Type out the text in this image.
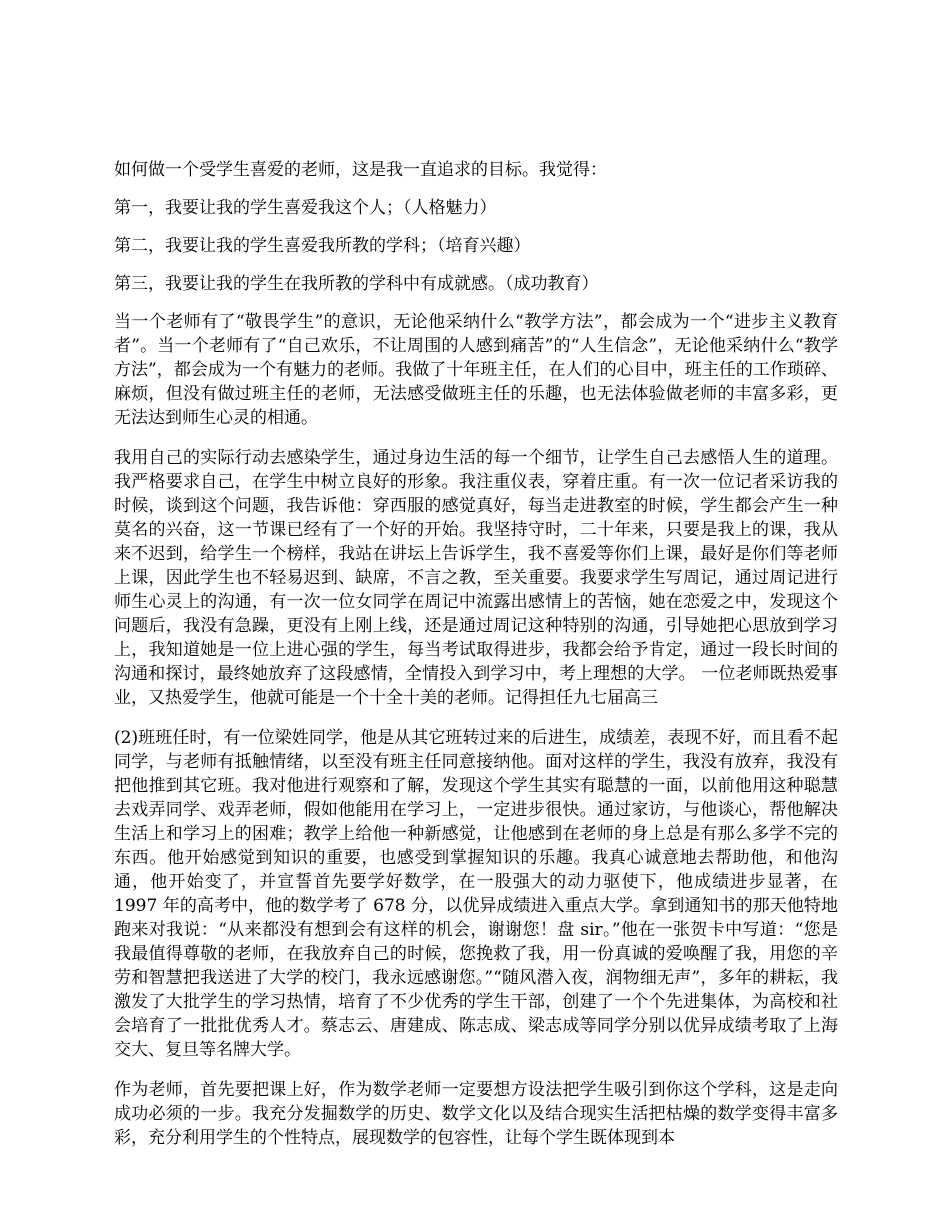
如何做一个受学生喜爱的老师，这是我一直追求的目标。我觉得：

第一，我要让我的学生喜爱我这个人；（人格魅力）

第二，我要让我的学生喜爱我所教的学科；（培育兴趣）

第三，我要让我的学生在我所教的学科中有成就感。（成功教育）

当一个老师有了“敬畏学生”的意识，无论他采纳什么“教学方法”，都会成为一个“进步主义教育者”。当一个老师有了“自己欢乐，不让周围的人感到痛苦”的“人生信念”，无论他采纳什么“教学方法”，都会成为一个有魅力的老师。我做了十年班主任，在人们的心目中，班主任的工作琐碎、麻烦，但没有做过班主任的老师，无法感受做班主任的乐趣，也无法体验做老师的丰富多彩，更无法达到师生心灵的相通。

我用自己的实际行动去感染学生，通过身边生活的每一个细节，让学生自己去感悟人生的道理。我严格要求自己，在学生中树立良好的形象。我注重仪表，穿着庄重。有一次一位记者采访我的时候，谈到这个问题，我告诉他：穿西服的感觉真好，每当走进教室的时候，学生都会产生一种莫名的兴奋，这一节课已经有了一个好的开始。我坚持守时，二十年来，只要是我上的课，我从来不迟到，给学生一个榜样，我站在讲坛上告诉学生，我不喜爱等你们上课，最好是你们等老师上课，因此学生也不轻易迟到、缺席，不言之教，至关重要。我要求学生写周记，通过周记进行师生心灵上的沟通，有一次一位女同学在周记中流露出感情上的苦恼，她在恋爱之中，发现这个问题后，我没有急躁，更没有上刚上线，还是通过周记这种特别的沟通，引导她把心思放到学习上，我知道她是一位上进心强的学生，每当考试取得进步，我都会给予肯定，通过一段长时间的沟通和探讨，最终她放弃了这段感情，全情投入到学习中，考上理想的大学。 一位老师既热爱事业，又热爱学生，他就可能是一个十全十美的老师。记得担任九七届高三

(2)班班任时，有一位梁姓同学，他是从其它班转过来的后进生，成绩差，表现不好，而且看不起同学，与老师有抵触情绪，以至没有班主任同意接纳他。面对这样的学生，我没有放弃，我没有把他推到其它班。我对他进行观察和了解，发现这个学生其实有聪慧的一面，以前他用这种聪慧去戏弄同学、戏弄老师，假如他能用在学习上，一定进步很快。通过家访，与他谈心，帮他解决生活上和学习上的困难；教学上给他一种新感觉，让他感到在老师的身上总是有那么多学不完的东西。他开始感觉到知识的重要，也感受到掌握知识的乐趣。我真心诚意地去帮助他，和他沟通，他开始变了，并宣誓首先要学好数学，在一股强大的动力驱使下，他成绩进步显著，在 1997 年的高考中，他的数学考了 678 分，以优异成绩进入重点大学。拿到通知书的那天他特地跑来对我说：“从来都没有想到会有这样的机会，谢谢您！盘 sir。”他在一张贺卡中写道：“您是我最值得尊敬的老师，在我放弃自己的时候，您挽救了我，用一份真诚的爱唤醒了我，用您的辛劳和智慧把我送进了大学的校门，我永远感谢您。”“随风潜入夜，润物细无声”，多年的耕耘，我激发了大批学生的学习热情，培育了不少优秀的学生干部，创建了一个个先进集体，为高校和社会培育了一批批优秀人才。蔡志云、唐建成、陈志成、梁志成等同学分别以优异成绩考取了上海交大、复旦等名牌大学。

作为老师，首先要把课上好，作为数学老师一定要想方设法把学生吸引到你这个学科，这是走向成功必须的一步。我充分发掘数学的历史、数学文化以及结合现实生活把枯燥的数学变得丰富多彩，充分利用学生的个性特点，展现数学的包容性，让每个学生既体现到本
